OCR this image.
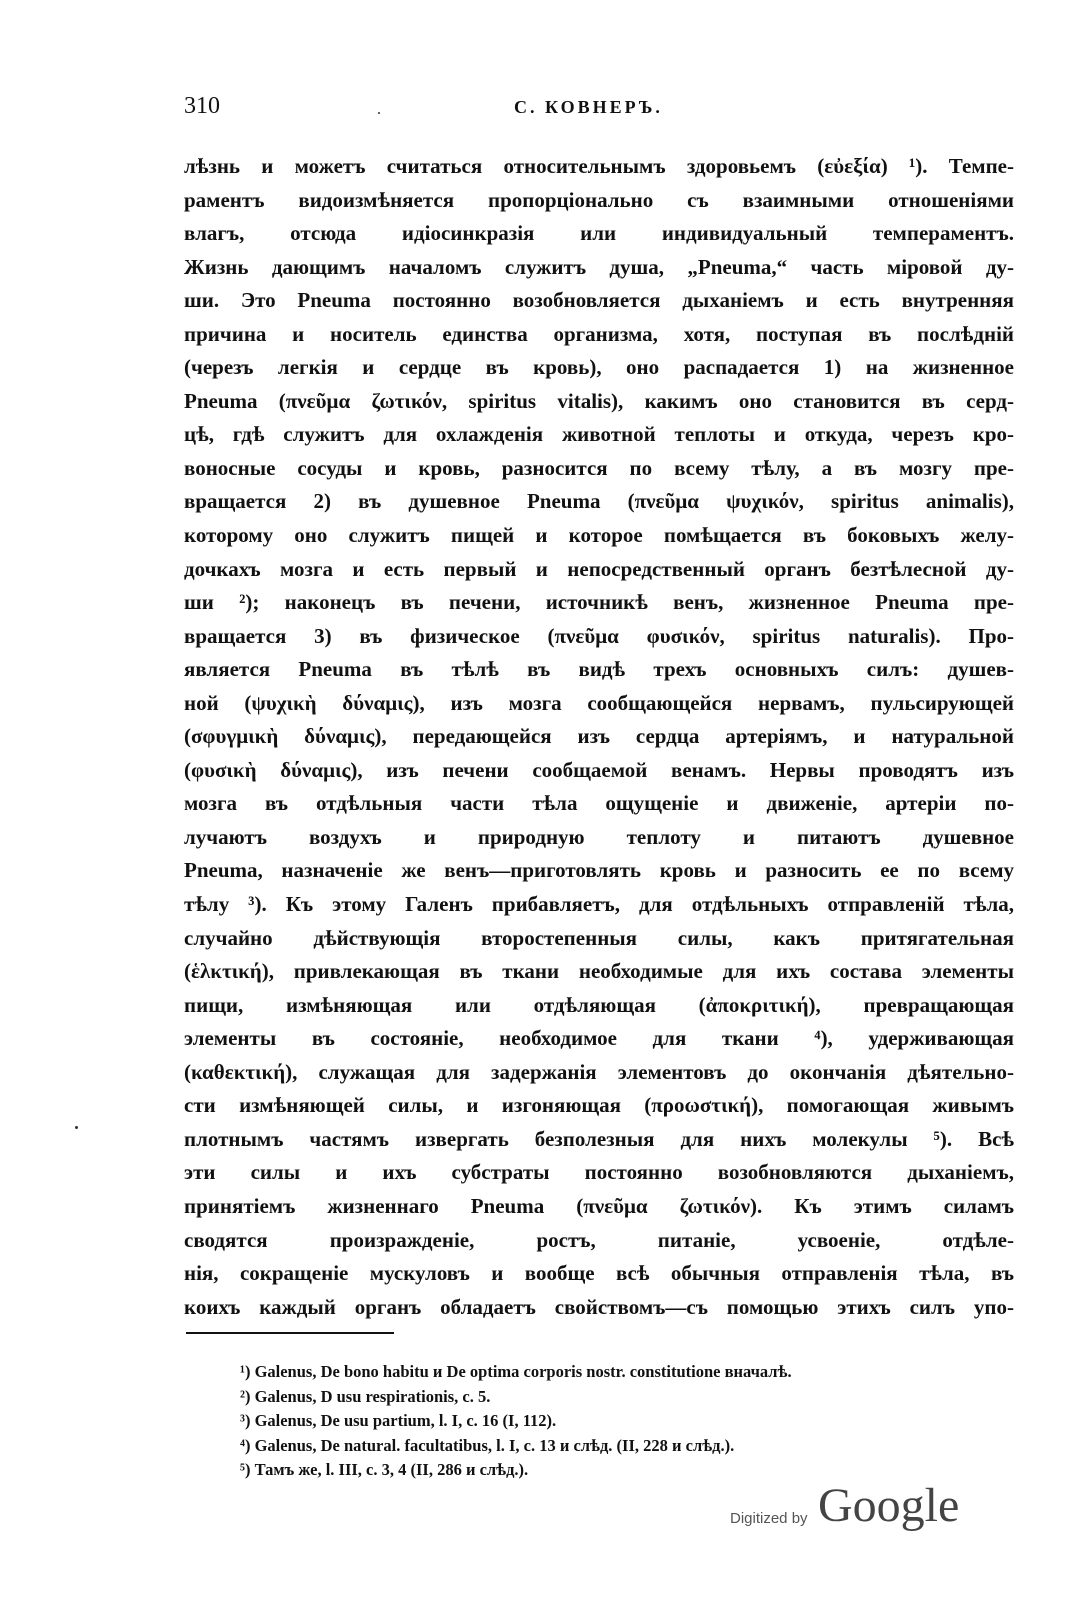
310	С. КОВНЕРЪ.
лѣзнь и можетъ считаться относительнымъ здоровьемъ (εὐεξία) ¹). Темпе-
раментъ видоизмѣняется пропорціонально съ взаимными отношеніями
влагъ, отсюда идіосинкразія или индивидуальный темпераментъ.
Жизнь дающимъ началомъ служитъ душа, „Pneuma,“ часть міровой ду-
ши. Это Pneuma постоянно возобновляется дыханіемъ и есть внутренняя
причина и носитель единства организма, хотя, поступая въ послѣдній
(черезъ легкія и сердце въ кровь), оно распадается 1) на жизненное
Pneuma (πνεῦμα ζωτικόν, spiritus vitalis), какимъ оно становится въ серд-
цѣ, гдѣ служитъ для охлажденія животной теплоты и откуда, черезъ кро-
воносные сосуды и кровь, разносится по всему тѣлу, а въ мозгу пре-
вращается 2) въ душевное Pneuma (πνεῦμα ψυχικόν, spiritus animalis),
которому оно служитъ пищей и которое помѣщается въ боковыхъ желу-
дочкахъ мозга и есть первый и непосредственный органъ безтѣлесной ду-
ши ²); наконецъ въ печени, источникѣ венъ, жизненное Pneuma пре-
вращается 3) въ физическое (πνεῦμα φυσικόν, spiritus naturalis). Про-
является Pneuma въ тѣлѣ въ видѣ трехъ основныхъ силъ: душев-
ной (ψυχικὴ δύναμις), изъ мозга сообщающейся нервамъ, пульсирующей
(σφυγμικὴ δύναμις), передающейся изъ сердца артеріямъ, и натуральной
(φυσικὴ δύναμις), изъ печени сообщаемой венамъ. Нервы проводятъ изъ
мозга въ отдѣльныя части тѣла ощущеніе и движеніе, артеріи по-
лучаютъ воздухъ и природную теплоту и питаютъ душевное
Pneuma, назначеніе же венъ—приготовлять кровь и разносить ее по всему
тѣлу ³). Къ этому Галенъ прибавляетъ, для отдѣльныхъ отправленій тѣла,
случайно дѣйствующія второстепенныя силы, какъ притягательная
(ἑλκτική), привлекающая въ ткани необходимые для ихъ состава элементы
пищи, измѣняющая или отдѣляющая (ἀποκριτική), превращающая
элементы въ состояніе, необходимое для ткани ⁴), удерживающая
(καθεκτική), служащая для задержанія элементовъ до окончанія дѣятельно-
сти измѣняющей силы, и изгоняющая (προωστική), помогающая живымъ
плотнымъ частямъ извергать безполезныя для нихъ молекулы ⁵). Всѣ
эти силы и ихъ субстраты постоянно возобновляются дыханіемъ,
принятіемъ жизненнаго Pneuma (πνεῦμα ζωτικόν). Къ этимъ силамъ
сводятся произражденіе, ростъ, питаніе, усвоеніе, отдѣле-
нія, сокращеніе мускуловъ и вообще всѣ обычныя отправленія тѣла, въ
коихъ каждый органъ обладаетъ свойствомъ—съ помощью этихъ силъ упо-
¹) Galenus, De bono habitu и De optima corporis nostr. constitutione вначалѣ.
²) Galenus, D usu respirationis, c. 5.
³) Galenus, De usu partium, l. I, c. 16 (I, 112).
⁴) Galenus, De natural. facultatibus, l. I, c. 13 и слѣд. (II, 228 и слѣд.).
⁵) Тамъ же, l. III, c. 3, 4 (II, 286 и слѣд.).
Digitized by Google
